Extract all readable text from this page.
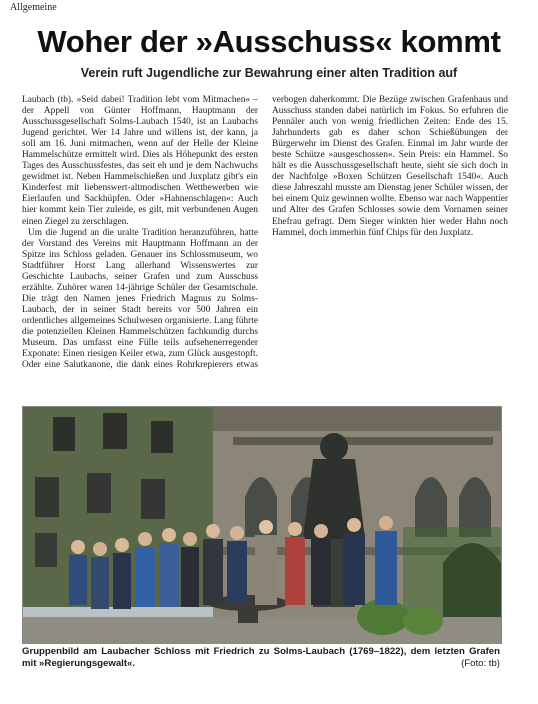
Allgemeine
Woher der »Ausschuss« kommt
Verein ruft Jugendliche zur Bewahrung einer alten Tradition auf

Laubach (tb). »Seid dabei! Tradition lebt vom Mitmachen« – der Appell von Günter Hoffmann, Hauptmann der Ausschussgesellschaft Solms-Laubach 1540, ist an Laubachs Jugend gerichtet. Wer 14 Jahre und willens ist, der kann, ja soll am 16. Juni mitmachen, wenn auf der Helle der Kleine Hammelschütze ermittelt wird. Dies als Höhepunkt des ersten Tages des Ausschussfestes, das seit eh und je dem Nachwuchs gewidmet ist. Neben Hammelschießen und Juxplatz gibt's ein Kinderfest mit liebenswert-altmodischen Wettbewerben wie Eierlaufen und Sackhüpfen. Oder »Hahnenschlagen«: Auch hier kommt kein Tier zuleide, es gilt, mit verbundenen Augen einen Ziegel zu zerschlagen.

Um die Jugend an die uralte Tradition heranzuführen, hatte der Vorstand des Vereins mit Hauptmann Hoffmann an der Spitze ins Schloss geladen. Genauer ins Schlossmuseum, wo Stadtführer Horst Lang allerhand Wissenswertes zur Geschichte Laubachs, seiner Grafen und zum Ausschuss erzählte. Zuhörer waren 14-jährige Schüler der Gesamtschule. Die trägt den Namen jenes Friedrich Magnus zu Solms-Laubach, der in seiner Stadt bereits vor 500 Jahren ein ordentliches allgemeines Schulwesen organisierte. Lang führte die potenziellen Kleinen Hammelschützen fachkundig durchs Museum. Das umfasst eine Fülle teils aufsehenerregender Exponate: Einen riesigen Keiler etwa, zum Glück ausgestopft. Oder eine Salutkanone, die dank eines Rohrkrepierers etwas verbogen daherkommt. Die Bezüge zwischen Grafenhaus und Ausschuss standen dabei natürlich im Fokus. So erfuhren die Pennäler auch von wenig friedlichen Zeiten: Ende des 15. Jahrhunderts gab es daher schon Schießübungen der Bürgerwehr im Dienst des Grafen. Einmal im Jahr wurde der beste Schütze »ausgeschossen«. Sein Preis: ein Hammel. So hält es die Ausschussgesellschaft heute, sieht sie sich doch in der Nachfolge »Boxen Schützen Gesellschaft 1540«. Auch diese Jahreszahl musste am Dienstag jener Schüler wissen, der bei einem Quiz gewinnen wollte. Ebenso war nach Wappentier und Alter des Grafen Schlosses sowie dem Vornamen seiner Ehefrau gefragt. Dem Sieger winkten hier weder Hahn noch Hammel, doch immerhin fünf Chips für den Juxplatz.

Gruppenbild am Laubacher Schloss mit Friedrich zu Solms-Laubach (1769–1822), dem letzten Grafen mit »Regierungsgewalt«.	(Foto: tb)
